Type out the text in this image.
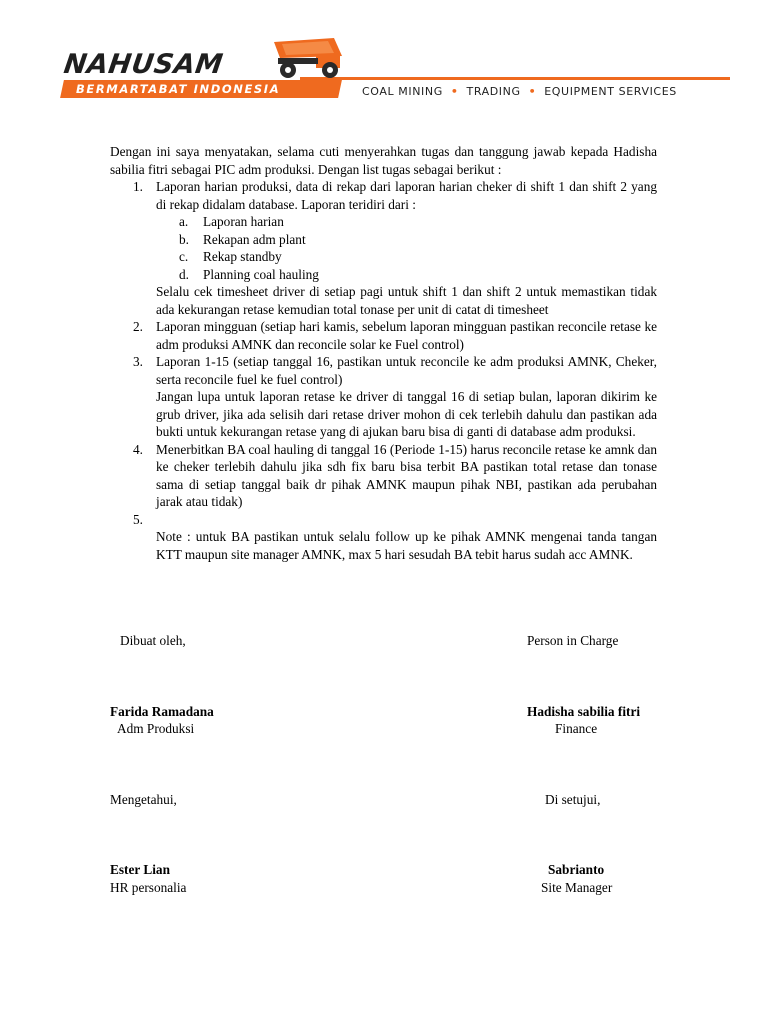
NAHUSAM
BERMARTABAT INDONESIA	COAL MINING • TRADING • EQUIPMENT SERVICES

Dengan ini saya menyatakan, selama cuti menyerahkan tugas dan tanggung jawab kepada Hadisha sabilia fitri sebagai PIC adm produksi. Dengan list tugas sebagai berikut :

1. Laporan harian produksi, data di rekap dari laporan harian cheker di shift 1 dan shift 2 yang di rekap didalam database. Laporan teridiri dari :
a. Laporan harian
b. Rekapan adm plant
c. Rekap standby
d. Planning coal hauling
Selalu cek timesheet driver di setiap pagi untuk shift 1 dan shift 2 untuk memastikan tidak ada kekurangan retase kemudian total tonase per unit di catat di timesheet
2. Laporan mingguan (setiap hari kamis, sebelum laporan mingguan pastikan reconcile retase ke adm produksi AMNK dan reconcile solar ke Fuel control)
3. Laporan 1-15 (setiap tanggal 16, pastikan untuk reconcile ke adm produksi AMNK, Cheker, serta reconcile fuel ke fuel control)
Jangan lupa untuk laporan retase ke driver di tanggal 16 di setiap bulan, laporan dikirim ke grub driver, jika ada selisih dari retase driver mohon di cek terlebih dahulu dan pastikan ada bukti untuk kekurangan retase yang di ajukan baru bisa di ganti di database adm produksi.
4. Menerbitkan BA coal hauling di tanggal 16 (Periode 1-15) harus reconcile retase ke amnk dan ke cheker terlebih dahulu jika sdh fix baru bisa terbit BA pastikan total retase dan tonase sama di setiap tanggal baik dr pihak AMNK maupun pihak NBI, pastikan ada perubahan jarak atau tidak)
5.
Note : untuk BA pastikan untuk selalu follow up ke pihak AMNK mengenai tanda tangan KTT maupun site manager AMNK, max 5 hari sesudah BA tebit harus sudah acc AMNK.
Dibuat oleh,	Person in Charge
Farida Ramadana
Adm Produksi
Hadisha sabilia fitri
Finance
Mengetahui,	Di setujui,
Ester Lian
HR personalia
Sabrianto
Site Manager
